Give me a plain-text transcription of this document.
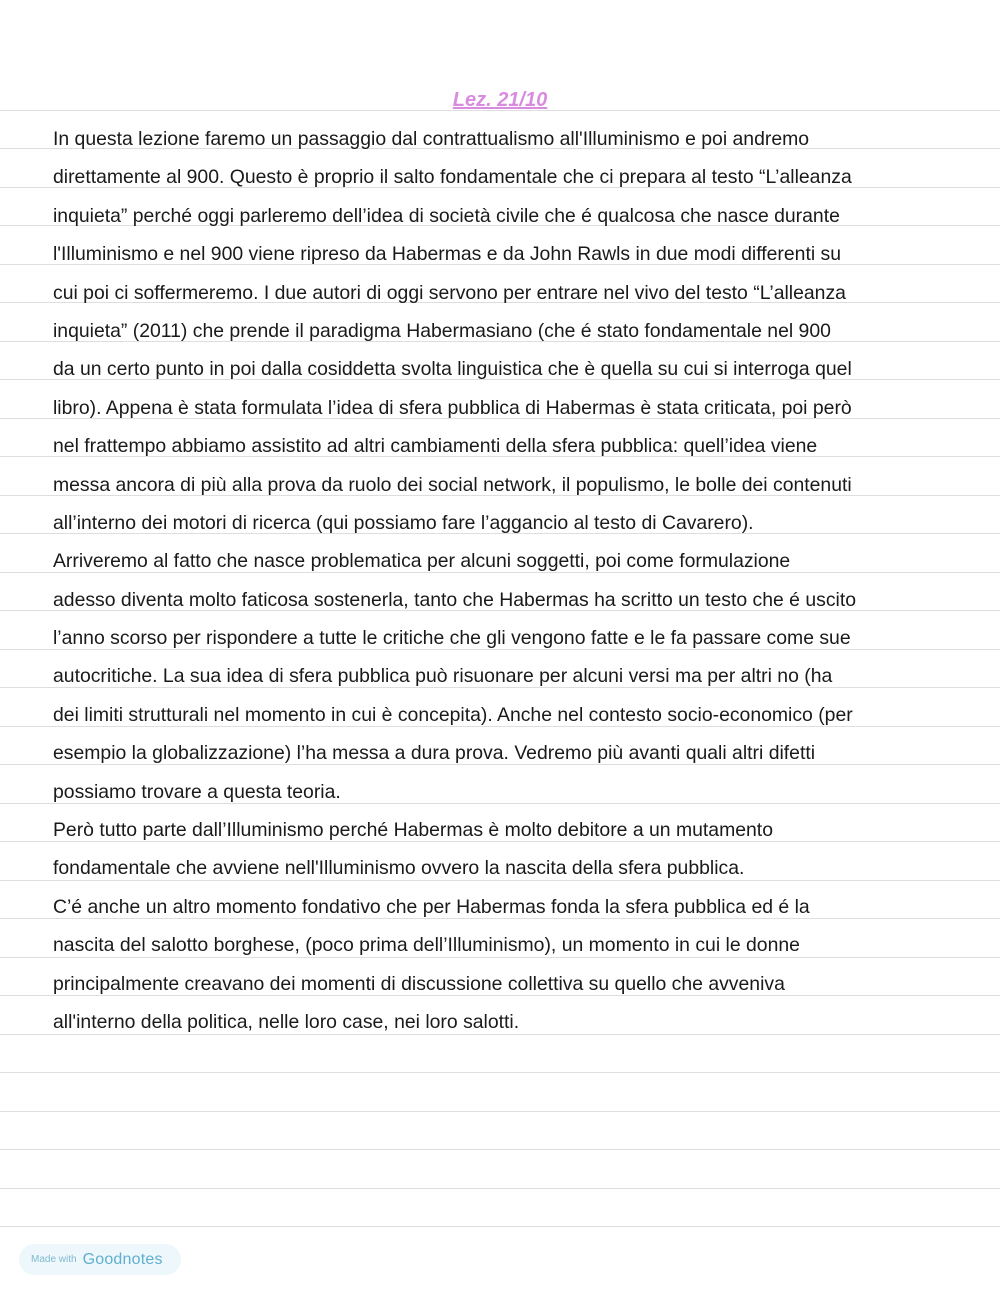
Lez. 21/10
In questa lezione faremo un passaggio dal contrattualismo all'Illuminismo e poi andremo
direttamente al 900. Questo è proprio il salto fondamentale che ci prepara al testo “L’alleanza
inquieta” perché oggi parleremo dell’idea di società civile che é qualcosa che nasce durante
l'Illuminismo e nel 900 viene ripreso da Habermas e da John Rawls in due modi differenti su
cui poi ci soffermeremo. I due autori di oggi servono per entrare nel vivo del testo “L’alleanza
inquieta” (2011) che prende il paradigma Habermasiano (che é stato fondamentale nel 900
da un certo punto in poi dalla cosiddetta svolta linguistica che è quella su cui si interroga quel
libro). Appena è stata formulata l’idea di sfera pubblica di Habermas è stata criticata, poi però
nel frattempo abbiamo assistito ad altri cambiamenti della sfera pubblica: quell’idea viene
messa ancora di più alla prova da ruolo dei social network, il populismo, le bolle dei contenuti
all’interno dei motori di ricerca (qui possiamo fare l’aggancio al testo di Cavarero).
Arriveremo al fatto che nasce problematica per alcuni soggetti, poi come formulazione
adesso diventa molto faticosa sostenerla, tanto che Habermas ha scritto un testo che é uscito
l’anno scorso per rispondere a tutte le critiche che gli vengono fatte e le fa passare come sue
autocritiche. La sua idea di sfera pubblica può risuonare per alcuni versi ma per altri no (ha
dei limiti strutturali nel momento in cui è concepita). Anche nel contesto socio-economico (per
esempio la globalizzazione) l’ha messa a dura prova. Vedremo più avanti quali altri difetti
possiamo trovare a questa teoria.
Però tutto parte dall’Illuminismo perché Habermas è molto debitore a un mutamento
fondamentale che avviene nell'Illuminismo ovvero la nascita della sfera pubblica.
C’é anche un altro momento fondativo che per Habermas fonda la sfera pubblica ed é la
nascita del salotto borghese, (poco prima dell’Illuminismo), un momento in cui le donne
principalmente creavano dei momenti di discussione collettiva su quello che avveniva
all'interno della politica, nelle loro case, nei loro salotti.
Made with Goodnotes
